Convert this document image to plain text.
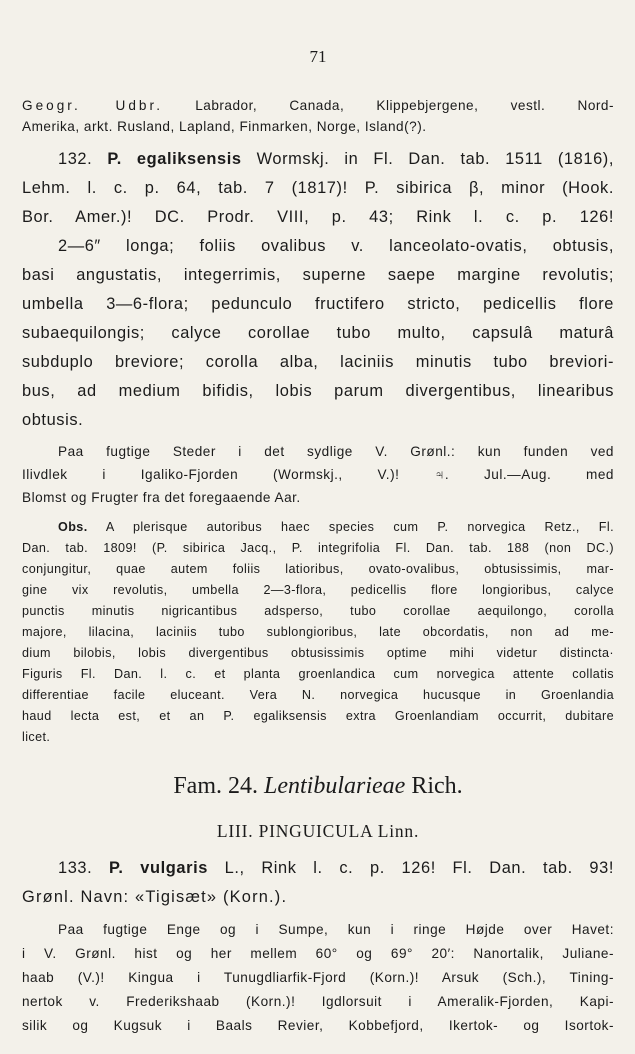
71

Geogr. Udbr. Labrador, Canada, Klippebjergene, vestl. Nord-

Amerika, arkt. Rusland, Lapland, Finmarken, Norge, Island(?).

132. P. egaliksensis Wormskj. in Fl. Dan. tab. 1511 (1816),

Lehm. l. c. p. 64, tab. 7 (1817)! P. sibirica β, minor (Hook.

Bor. Amer.)! DC. Prodr. VIII, p. 43; Rink l. c. p. 126!

2—6″ longa; foliis ovalibus v. lanceolato-ovatis, obtusis,

basi angustatis, integerrimis, superne saepe margine revolutis;

umbella 3—6-flora; pedunculo fructifero stricto, pedicellis flore

subaequilongis; calyce corollae tubo multo, capsulâ maturâ

subduplo breviore; corolla alba, laciniis minutis tubo breviori-

bus, ad medium bifidis, lobis parum divergentibus, linearibus

obtusis.

Paa fugtige Steder i det sydlige V. Grønl.: kun funden ved

Ilivdlek i Igaliko-Fjorden (Wormskj., V.)! ♃. Jul.—Aug. med

Blomst og Frugter fra det foregaaende Aar.

Obs. A plerisque autoribus haec species cum P. norvegica Retz., Fl.

Dan. tab. 1809! (P. sibirica Jacq., P. integrifolia Fl. Dan. tab. 188 (non DC.)

conjungitur, quae autem foliis latioribus, ovato-ovalibus, obtusissimis, mar-

gine vix revolutis, umbella 2—3-flora, pedicellis flore longioribus, calyce

punctis minutis nigricantibus adsperso, tubo corollae aequilongo, corolla

majore, lilacina, laciniis tubo sublongioribus, late obcordatis, non ad me-

dium bilobis, lobis divergentibus obtusissimis optime mihi videtur distincta·

Figuris Fl. Dan. l. c. et planta groenlandica cum norvegica attente collatis

differentiae facile eluceant. Vera N. norvegica hucusque in Groenlandia

haud lecta est, et an P. egaliksensis extra Groenlandiam occurrit, dubitare

licet.

Fam. 24. Lentibularieae Rich.
LIII. PINGUICULA Linn.

133. P. vulgaris L., Rink l. c. p. 126! Fl. Dan. tab. 93!

Grønl. Navn: «Tigisæt» (Korn.).

Paa fugtige Enge og i Sumpe, kun i ringe Højde over Havet:

i V. Grønl. hist og her mellem 60° og 69° 20′: Nanortalik, Juliane-

haab (V.)! Kingua i Tunugdliarfik-Fjord (Korn.)! Arsuk (Sch.), Tining-

nertok v. Frederikshaab (Korn.)! Igdlorsuit i Ameralik-Fjorden, Kapi-

silik og Kugsuk i Baals Revier, Kobbefjord, Ikertok- og Isortok-
